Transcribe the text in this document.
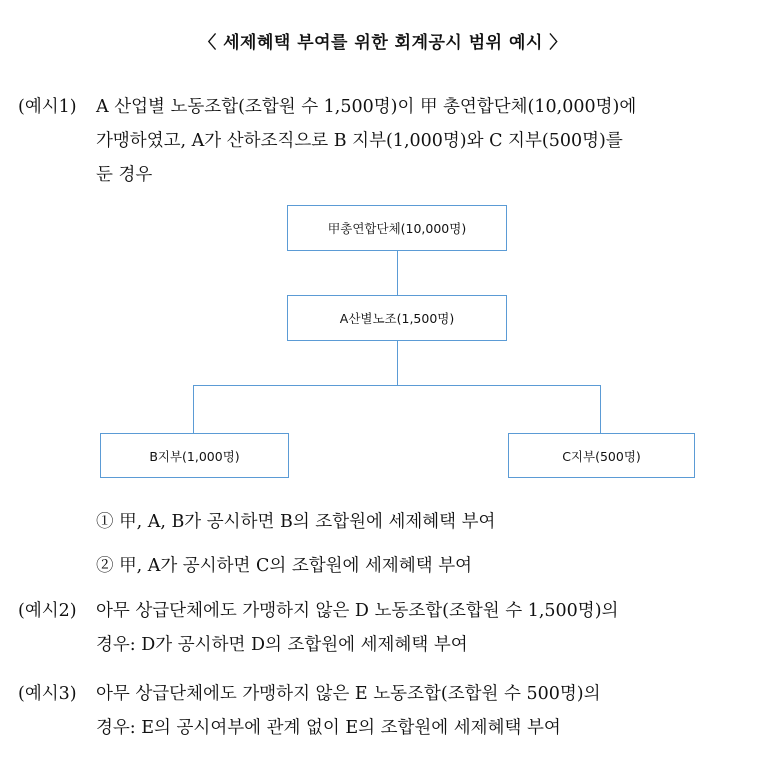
〈 세제혜택 부여를 위한 회계공시 범위 예시 〉
(예시1) A 산업별 노동조합(조합원 수 1,500명)이 甲 총연합단체(10,000명)에
가맹하였고, A가 산하조직으로 B 지부(1,000명)와 C 지부(500명)를
둔 경우
甲총연합단체(10,000명)
A산별노조(1,500명)
B지부(1,000명)	C지부(500명)
① 甲, A, B가 공시하면 B의 조합원에 세제혜택 부여
② 甲, A가 공시하면 C의 조합원에 세제혜택 부여
(예시2) 아무 상급단체에도 가맹하지 않은 D 노동조합(조합원 수 1,500명)의
경우: D가 공시하면 D의 조합원에 세제혜택 부여
(예시3) 아무 상급단체에도 가맹하지 않은 E 노동조합(조합원 수 500명)의
경우: E의 공시여부에 관계 없이 E의 조합원에 세제혜택 부여
